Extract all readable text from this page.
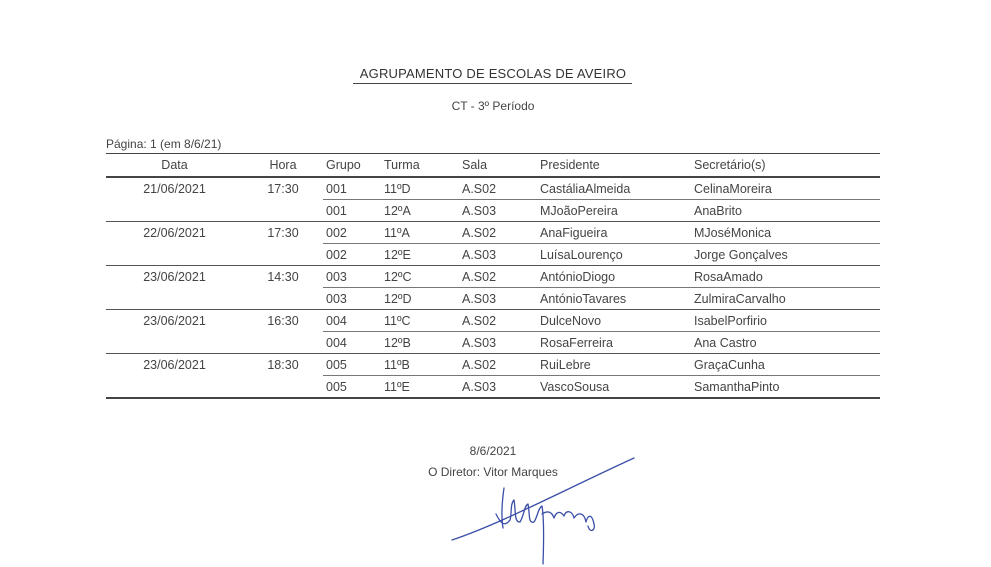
AGRUPAMENTO DE ESCOLAS DE AVEIRO
CT - 3º Período
Página: 1 (em 8/6/21)
Data	Hora	Grupo	Turma	Sala	Presidente	Secretário(s)
21/06/2021	17:30	001	11ºD	A.S02	CastáliaAlmeida	CelinaMoreira
		001	12ºA	A.S03	MJoãoPereira	AnaBrito
22/06/2021	17:30	002	11ºA	A.S02	AnaFigueira	MJoséMonica
		002	12ºE	A.S03	LuísaLourenço	Jorge Gonçalves
23/06/2021	14:30	003	12ºC	A.S02	AntónioDiogo	RosaAmado
		003	12ºD	A.S03	AntónioTavares	ZulmiraCarvalho
23/06/2021	16:30	004	11ºC	A.S02	DulceNovo	IsabelPorfirio
		004	12ºB	A.S03	RosaFerreira	Ana Castro
23/06/2021	18:30	005	11ºB	A.S02	RuiLebre	GraçaCunha
		005	11ºE	A.S03	VascoSousa	SamanthaPinto
8/6/2021
O Diretor: Vitor Marques
